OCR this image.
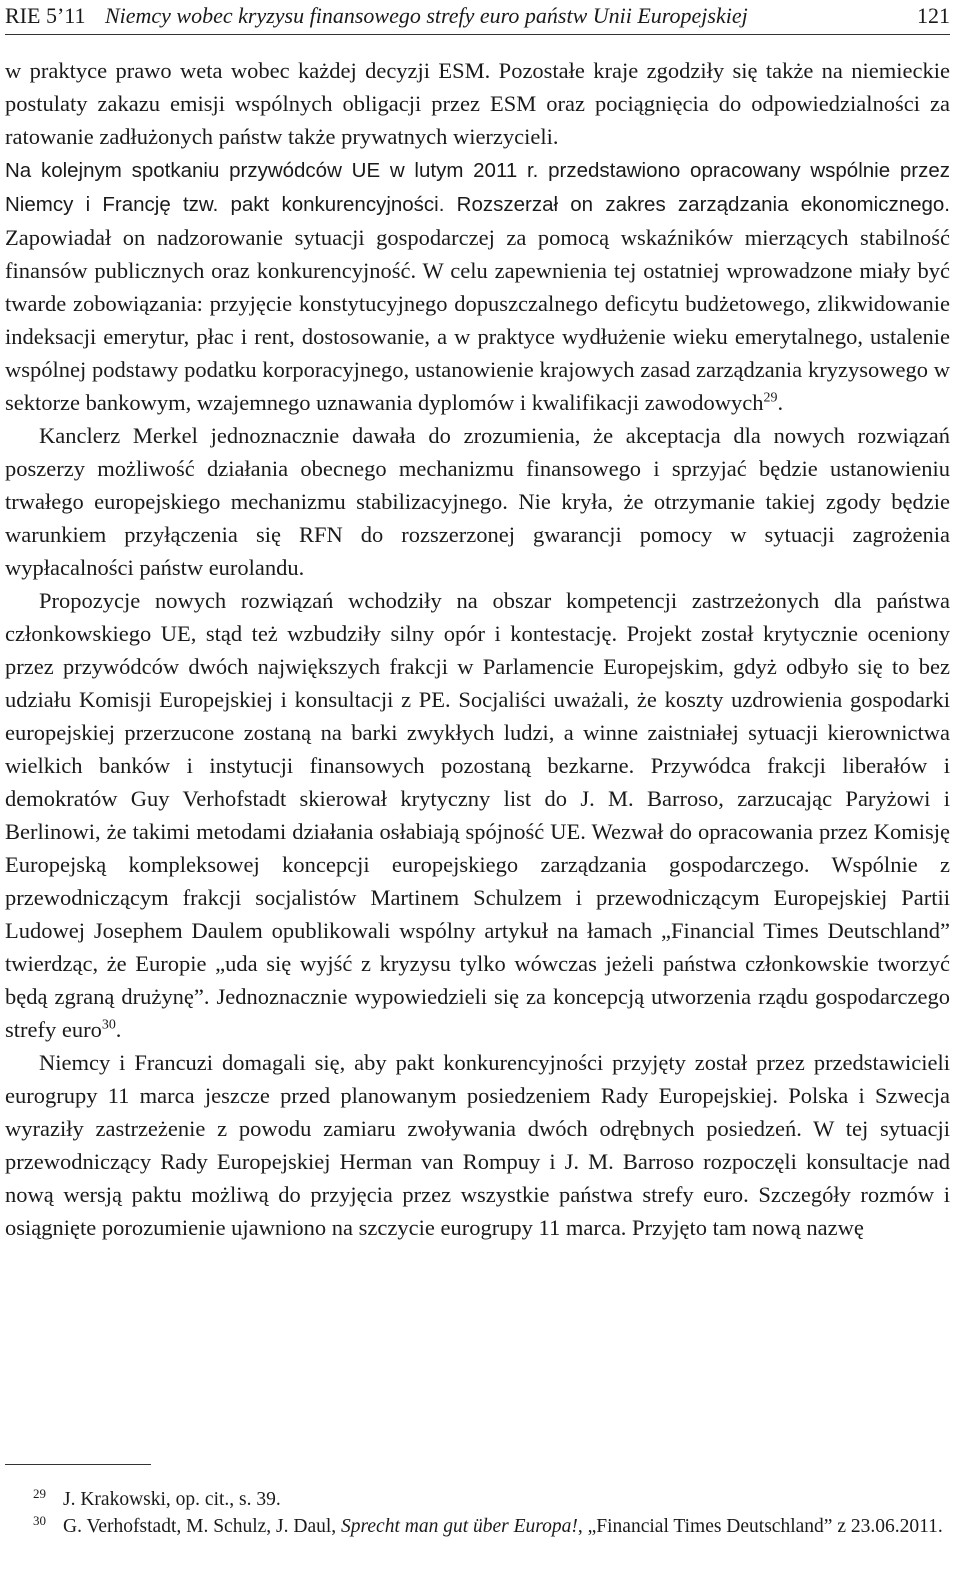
RIE 5’11 Niemcy wobec kryzysu finansowego strefy euro państw Unii Europejskiej	121

w praktyce prawo weta wobec każdej decyzji ESM. Pozostałe kraje zgodziły się także na niemieckie postulaty zakazu emisji wspólnych obligacji przez ESM oraz pociągnięcia do odpowiedzialności za ratowanie zadłużonych państw także prywatnych wierzycieli.

Na kolejnym spotkaniu przywódców UE w lutym 2011 r. przedstawiono opracowany wspólnie przez Niemcy i Francję tzw. pakt konkurencyjności. Rozszerzał on zakres zarządzania ekonomicznego. Zapowiadał on nadzorowanie sytuacji gospodarczej za pomocą wskaźników mierzących stabilność finansów publicznych oraz konkurencyjność. W celu zapewnienia tej ostatniej wprowadzone miały być twarde zobowiązania: przyjęcie konstytucyjnego dopuszczalnego deficytu budżetowego, zlikwidowanie indeksacji emerytur, płac i rent, dostosowanie, a w praktyce wydłużenie wieku emerytalnego, ustalenie wspólnej podstawy podatku korporacyjnego, ustanowienie krajowych zasad zarządzania kryzysowego w sektorze bankowym, wzajemnego uznawania dyplomów i kwalifikacji zawodowych$^{29}$.

Kanclerz Merkel jednoznacznie dawała do zrozumienia, że akceptacja dla nowych rozwiązań poszerzy możliwość działania obecnego mechanizmu finansowego i sprzyjać będzie ustanowieniu trwałego europejskiego mechanizmu stabilizacyjnego. Nie kryła, że otrzymanie takiej zgody będzie warunkiem przyłączenia się RFN do rozszerzonej gwarancji pomocy w sytuacji zagrożenia wypłacalności państw eurolandu.

Propozycje nowych rozwiązań wchodziły na obszar kompetencji zastrzeżonych dla państwa członkowskiego UE, stąd też wzbudziły silny opór i kontestację. Projekt został krytycznie oceniony przez przywódców dwóch największych frakcji w Parlamencie Europejskim, gdyż odbyło się to bez udziału Komisji Europejskiej i konsultacji z PE. Socjaliści uważali, że koszty uzdrowienia gospodarki europejskiej przerzucone zostaną na barki zwykłych ludzi, a winne zaistniałej sytuacji kierownictwa wielkich banków i instytucji finansowych pozostaną bezkarne. Przywódca frakcji liberałów i demokratów Guy Verhofstadt skierował krytyczny list do J. M. Barroso, zarzucając Paryżowi i Berlinowi, że takimi metodami działania osłabiają spójność UE. Wezwał do opracowania przez Komisję Europejską kompleksowej koncepcji europejskiego zarządzania gospodarczego. Wspólnie z przewodniczącym frakcji socjalistów Martinem Schulzem i przewodniczącym Europejskiej Partii Ludowej Josephem Daulem opublikowali wspólny artykuł na łamach „Financial Times Deutschland” twierdząc, że Europie „uda się wyjść z kryzysu tylko wówczas jeżeli państwa członkowskie tworzyć będą zgraną drużynę”. Jednoznacznie wypowiedzieli się za koncepcją utworzenia rządu gospodarczego strefy euro$^{30}$.

Niemcy i Francuzi domagali się, aby pakt konkurencyjności przyjęty został przez przedstawicieli eurogrupy 11 marca jeszcze przed planowanym posiedzeniem Rady Europejskiej. Polska i Szwecja wyraziły zastrzeżenie z powodu zamiaru zwoływania dwóch odrębnych posiedzeń. W tej sytuacji przewodniczący Rady Europejskiej Herman van Rompuy i J. M. Barroso rozpoczęli konsultacje nad nową wersją paktu możliwą do przyjęcia przez wszystkie państwa strefy euro. Szczegóły rozmów i osiągnięte porozumienie ujawniono na szczycie eurogrupy 11 marca. Przyjęto tam nową nazwę

29 J. Krakowski, op. cit., s. 39.
30 G. Verhofstadt, M. Schulz, J. Daul, Sprecht man gut über Europa!, „Financial Times Deutschland” z 23.06.2011.
